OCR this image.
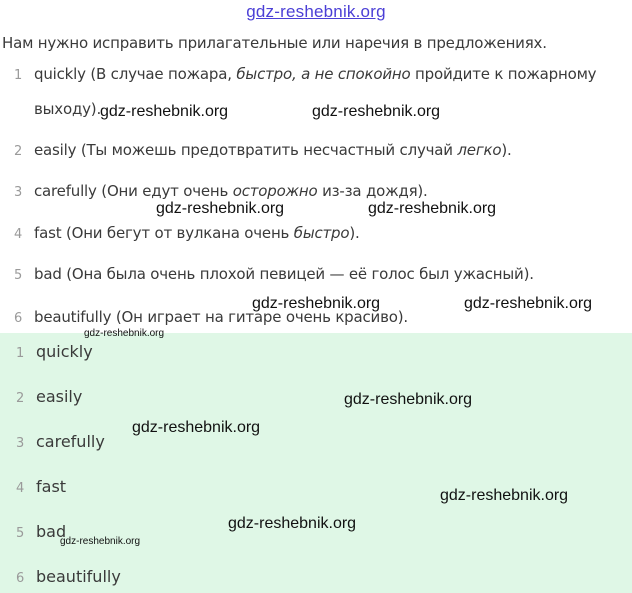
gdz-reshebnik.org
Нам нужно исправить прилагательные или наречия в предложениях.
1 quickly (В случае пожара, быстро, а не спокойно пройдите к пожарному
выходу).
2 easily (Ты можешь предотвратить несчастный случай легко).
3 carefully (Они едут очень осторожно из-за дождя).
4 fast (Они бегут от вулкана очень быстро).
5 bad (Она была очень плохой певицей — её голос был ужасный).
6 beautifully (Он играет на гитаре очень красиво).
1 quickly
2 easily
3 carefully
4 fast
5 bad
6 beautifully
gdz-reshebnik.org	gdz-reshebnik.org
gdz-reshebnik.org	gdz-reshebnik.org
gdz-reshebnik.org	gdz-reshebnik.org
gdz-reshebnik.org
gdz-reshebnik.org
gdz-reshebnik.org
gdz-reshebnik.org
gdz-reshebnik.org
gdz-reshebnik.org
